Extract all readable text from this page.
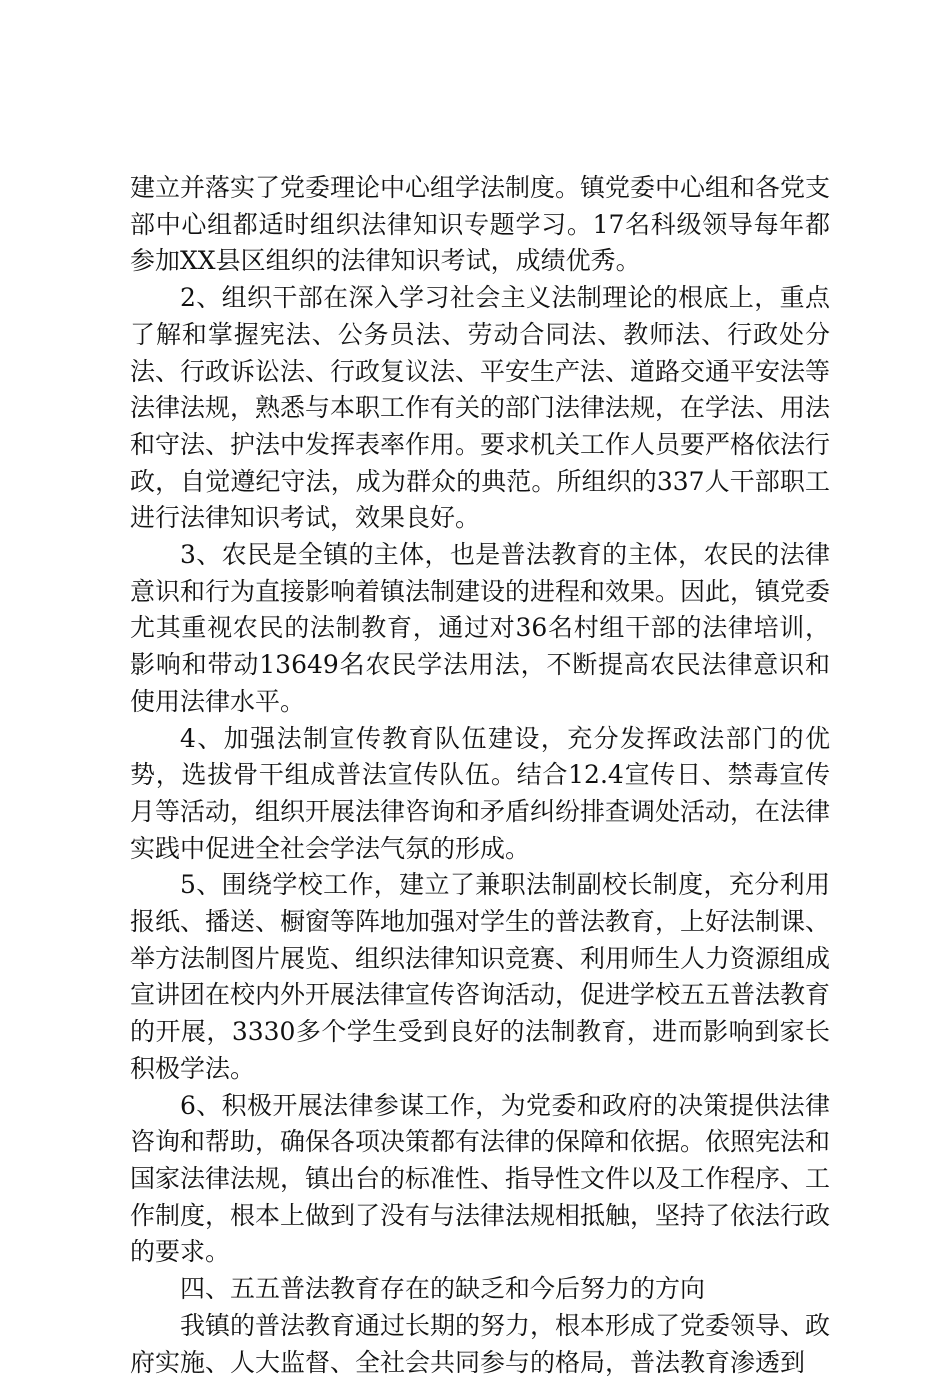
建立并落实了党委理论中心组学法制度。镇党委中心组和各党支部中心组都适时组织法律知识专题学习。17名科级领导每年都参加XX县区组织的法律知识考试，成绩优秀。

2、组织干部在深入学习社会主义法制理论的根底上，重点了解和掌握宪法、公务员法、劳动合同法、教师法、行政处分法、行政诉讼法、行政复议法、平安生产法、道路交通平安法等法律法规，熟悉与本职工作有关的部门法律法规，在学法、用法和守法、护法中发挥表率作用。要求机关工作人员要严格依法行政，自觉遵纪守法，成为群众的典范。所组织的337人干部职工进行法律知识考试，效果良好。

3、农民是全镇的主体，也是普法教育的主体，农民的法律意识和行为直接影响着镇法制建设的进程和效果。因此，镇党委尤其重视农民的法制教育，通过对36名村组干部的法律培训，影响和带动13649名农民学法用法，不断提高农民法律意识和使用法律水平。

4、加强法制宣传教育队伍建设，充分发挥政法部门的优势，选拔骨干组成普法宣传队伍。结合12.4宣传日、禁毒宣传月等活动，组织开展法律咨询和矛盾纠纷排查调处活动，在法律实践中促进全社会学法气氛的形成。

5、围绕学校工作，建立了兼职法制副校长制度，充分利用报纸、播送、橱窗等阵地加强对学生的普法教育，上好法制课、举方法制图片展览、组织法律知识竞赛、利用师生人力资源组成宣讲团在校内外开展法律宣传咨询活动，促进学校五五普法教育的开展，3330多个学生受到良好的法制教育，进而影响到家长积极学法。

6、积极开展法律参谋工作，为党委和政府的决策提供法律咨询和帮助，确保各项决策都有法律的保障和依据。依照宪法和国家法律法规，镇出台的标准性、指导性文件以及工作程序、工作制度，根本上做到了没有与法律法规相抵触，坚持了依法行政的要求。

四、五五普法教育存在的缺乏和今后努力的方向

我镇的普法教育通过长期的努力，根本形成了党委领导、政府实施、人大监督、全社会共同参与的格局，普法教育渗透到
